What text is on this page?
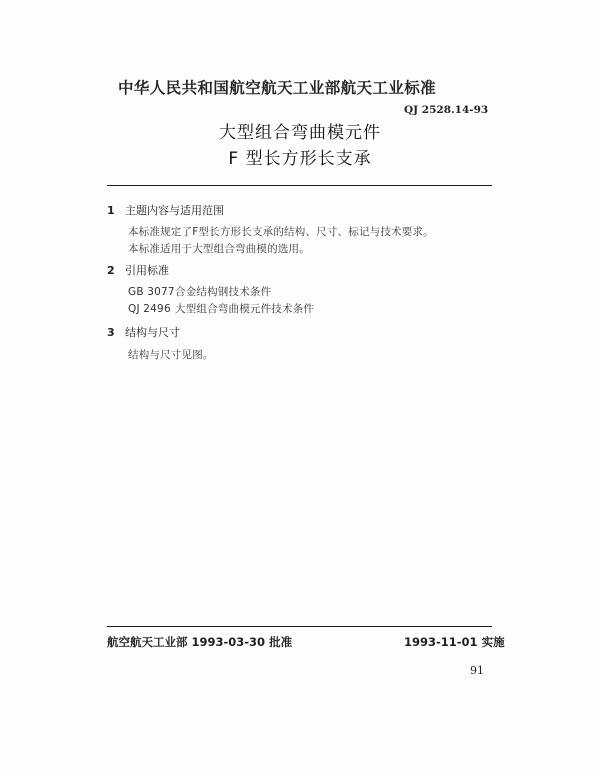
中华人民共和国航空航天工业部航天工业标准
QJ 2528.14-93
大型组合弯曲模元件
F 型长方形长支承
1 主题内容与适用范围
本标准规定了F型长方形长支承的结构、尺寸、标记与技术要求。
本标准适用于大型组合弯曲模的选用。
2 引用标准
GB 3077合金结构钢技术条件
QJ 2496 大型组合弯曲模元件技术条件
3 结构与尺寸
结构与尺寸见图。
航空航天工业部 1993-03-30 批准	1993-11-01 实施
91
